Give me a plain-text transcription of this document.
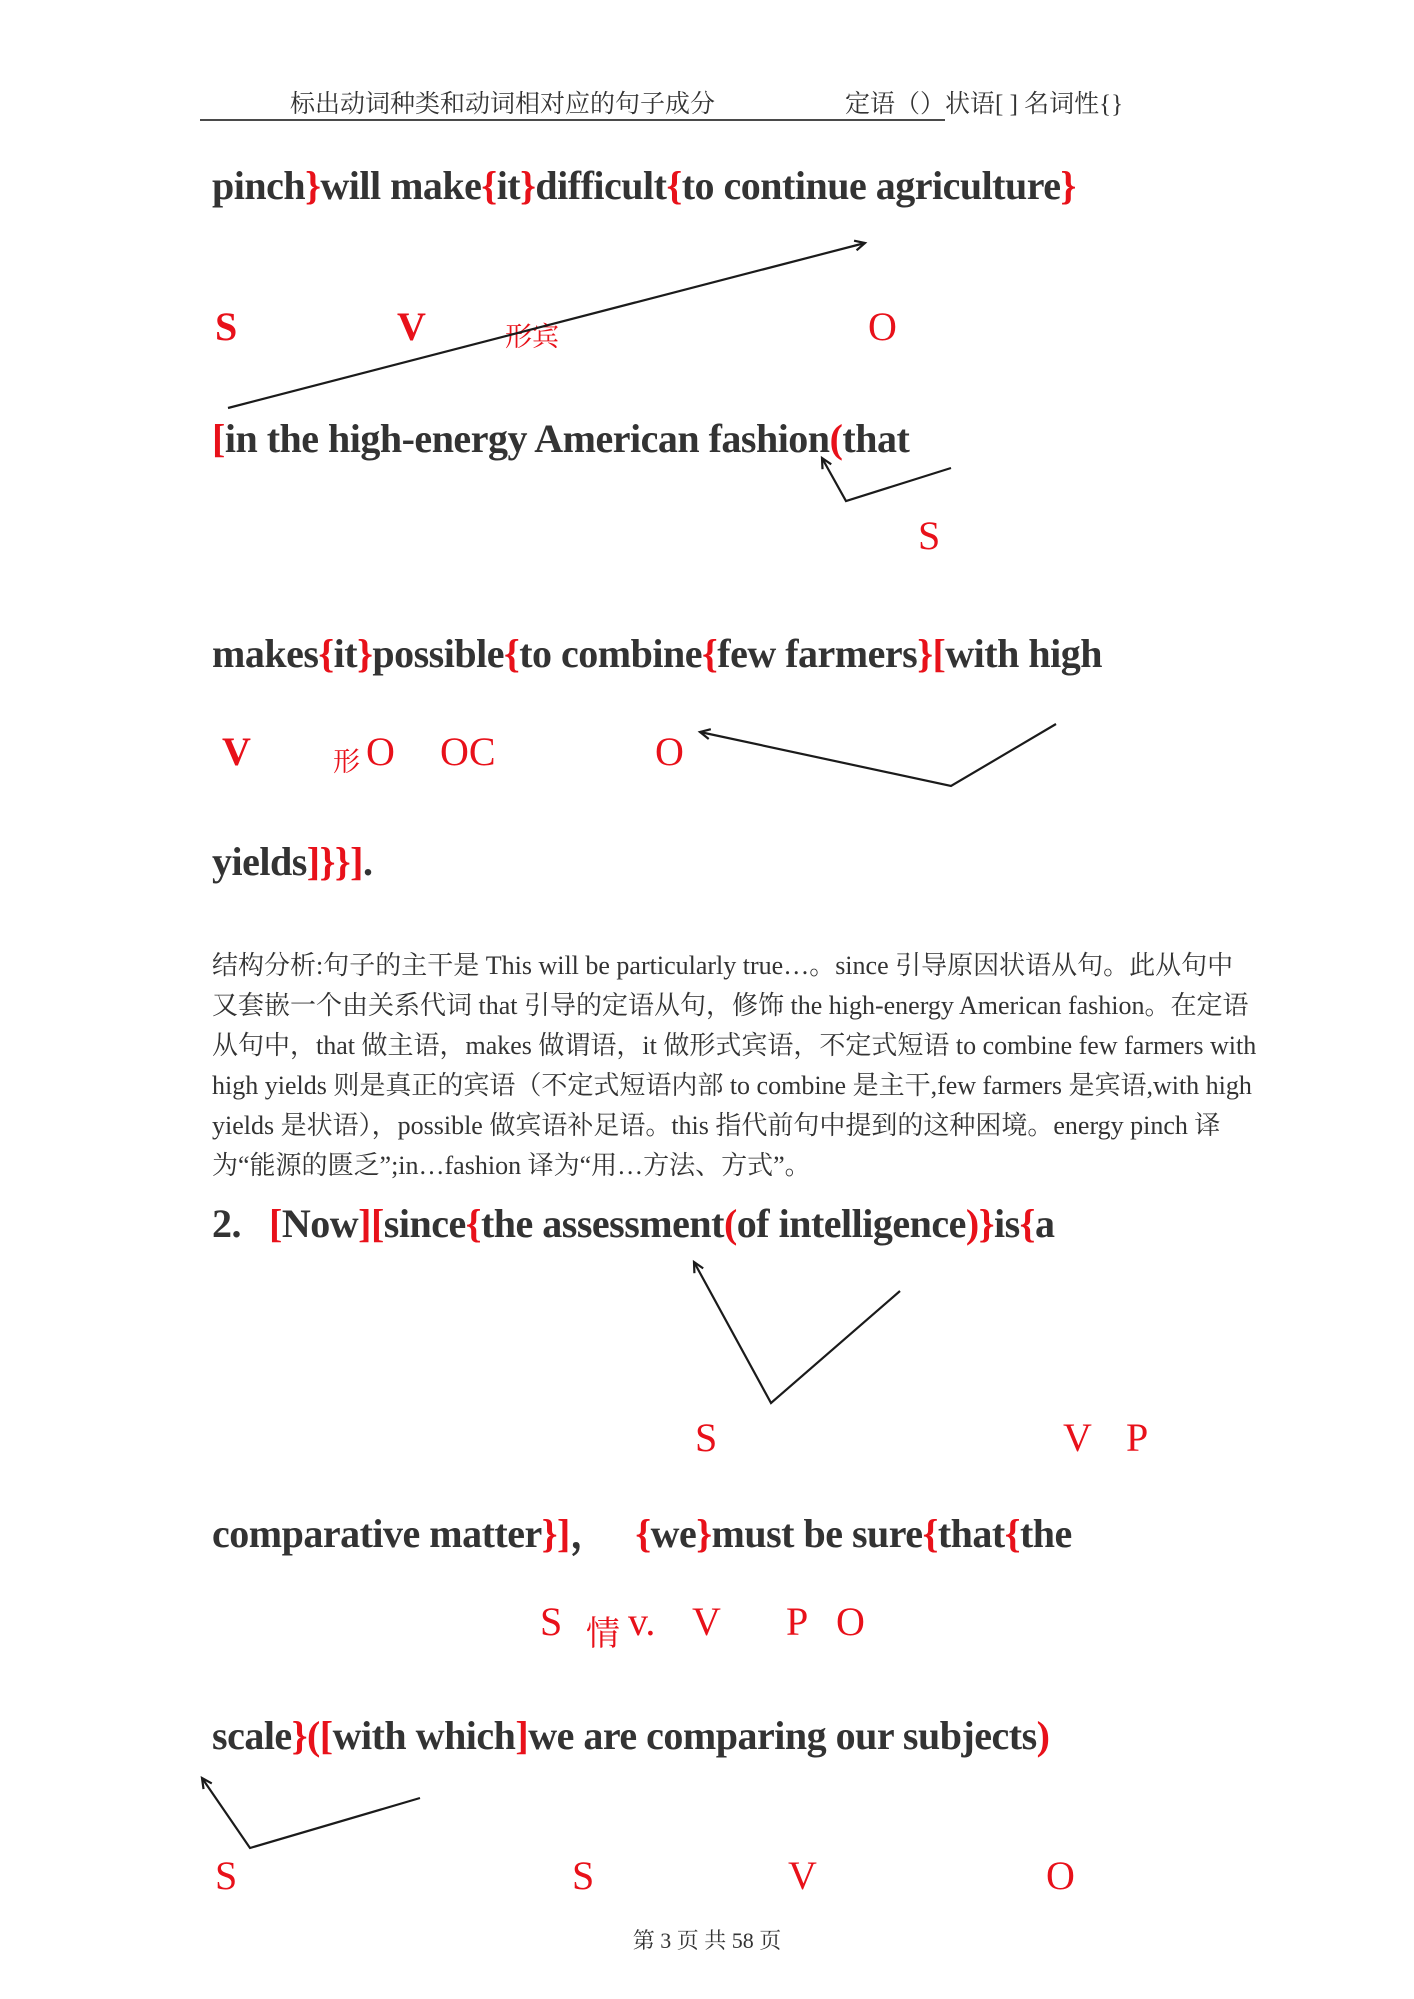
标出动词种类和动词相对应的句子成分	定语（）状语[ ] 名词性{}
pinch}will make{it}difficult{to continue agriculture}
[in the high-energy American fashion(that
makes{it}possible{to combine{few farmers}[with high
yields]}}].
2. [Now][since{the assessment(of intelligence)}is{a
comparative matter}]， {we}must be sure{that{the
scale}([with which]we are comparing our subjects)
S	V	形宾	O
S
V	形 O OC	O
S	V P
S 情 v. V P O
S	S	V	O
结构分析:句子的主干是 This will be particularly true…。since 引导原因状语从句。此从句中
又套嵌一个由关系代词 that 引导的定语从句，修饰 the high-energy American fashion。在定语
从句中，that 做主语，makes 做谓语，it 做形式宾语，不定式短语 to combine few farmers with
high yields 则是真正的宾语（不定式短语内部 to combine 是主干,few farmers 是宾语,with high
yields 是状语），possible 做宾语补足语。this 指代前句中提到的这种困境。energy pinch 译
为“能源的匮乏”;in…fashion 译为“用…方法、方式”。
第 3 页 共 58 页
